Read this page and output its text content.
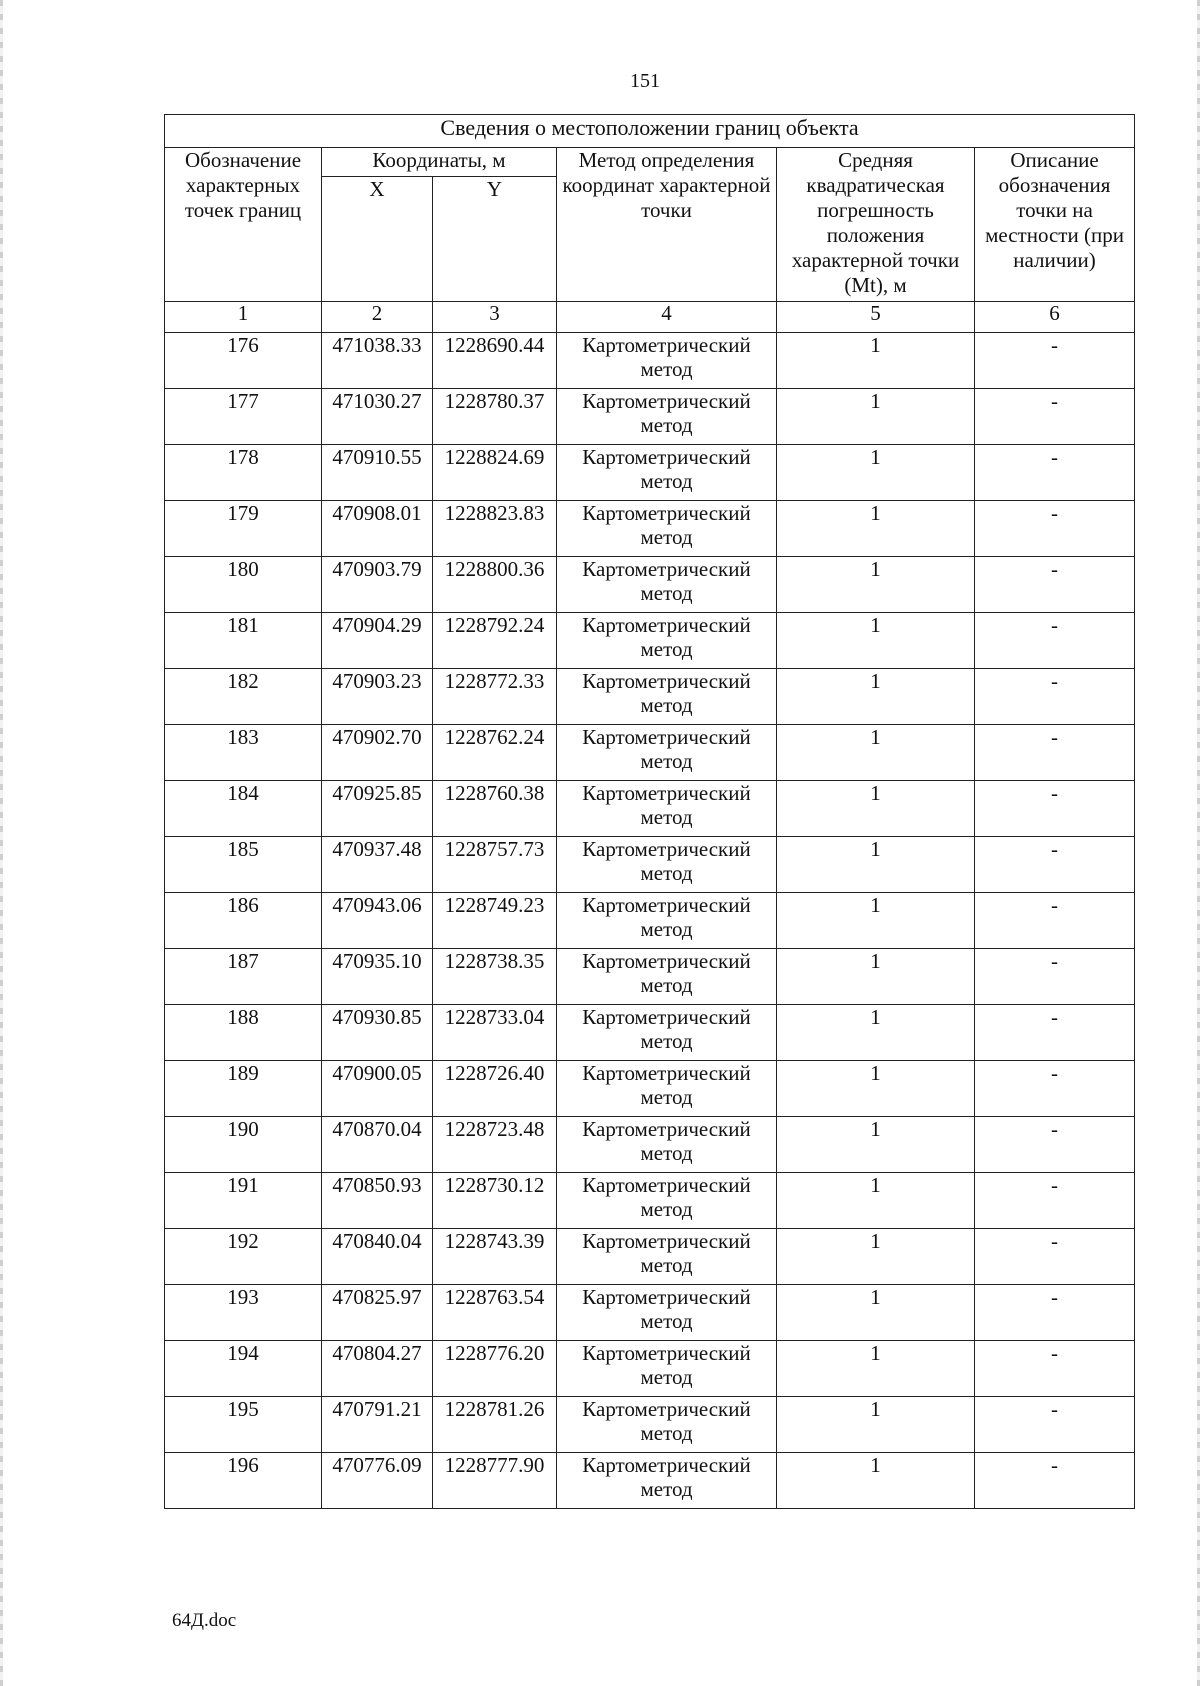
151
Сведения о местоположении границ объекта					
Обозначение характерных точек границ	Координаты, м		Метод определения координат характерной точки	Средняя квадратическая погрешность положения характерной точки (Mt), м	Описание обозначения точки на местности (при наличии)
	X	Y			
1	2	3	4	5	6
176	471038.33	1228690.44	Картометрический метод	1	-
177	471030.27	1228780.37	Картометрический метод	1	-
178	470910.55	1228824.69	Картометрический метод	1	-
179	470908.01	1228823.83	Картометрический метод	1	-
180	470903.79	1228800.36	Картометрический метод	1	-
181	470904.29	1228792.24	Картометрический метод	1	-
182	470903.23	1228772.33	Картометрический метод	1	-
183	470902.70	1228762.24	Картометрический метод	1	-
184	470925.85	1228760.38	Картометрический метод	1	-
185	470937.48	1228757.73	Картометрический метод	1	-
186	470943.06	1228749.23	Картометрический метод	1	-
187	470935.10	1228738.35	Картометрический метод	1	-
188	470930.85	1228733.04	Картометрический метод	1	-
189	470900.05	1228726.40	Картометрический метод	1	-
190	470870.04	1228723.48	Картометрический метод	1	-
191	470850.93	1228730.12	Картометрический метод	1	-
192	470840.04	1228743.39	Картометрический метод	1	-
193	470825.97	1228763.54	Картометрический метод	1	-
194	470804.27	1228776.20	Картометрический метод	1	-
195	470791.21	1228781.26	Картометрический метод	1	-
196	470776.09	1228777.90	Картометрический метод	1	-
64Д.doc
